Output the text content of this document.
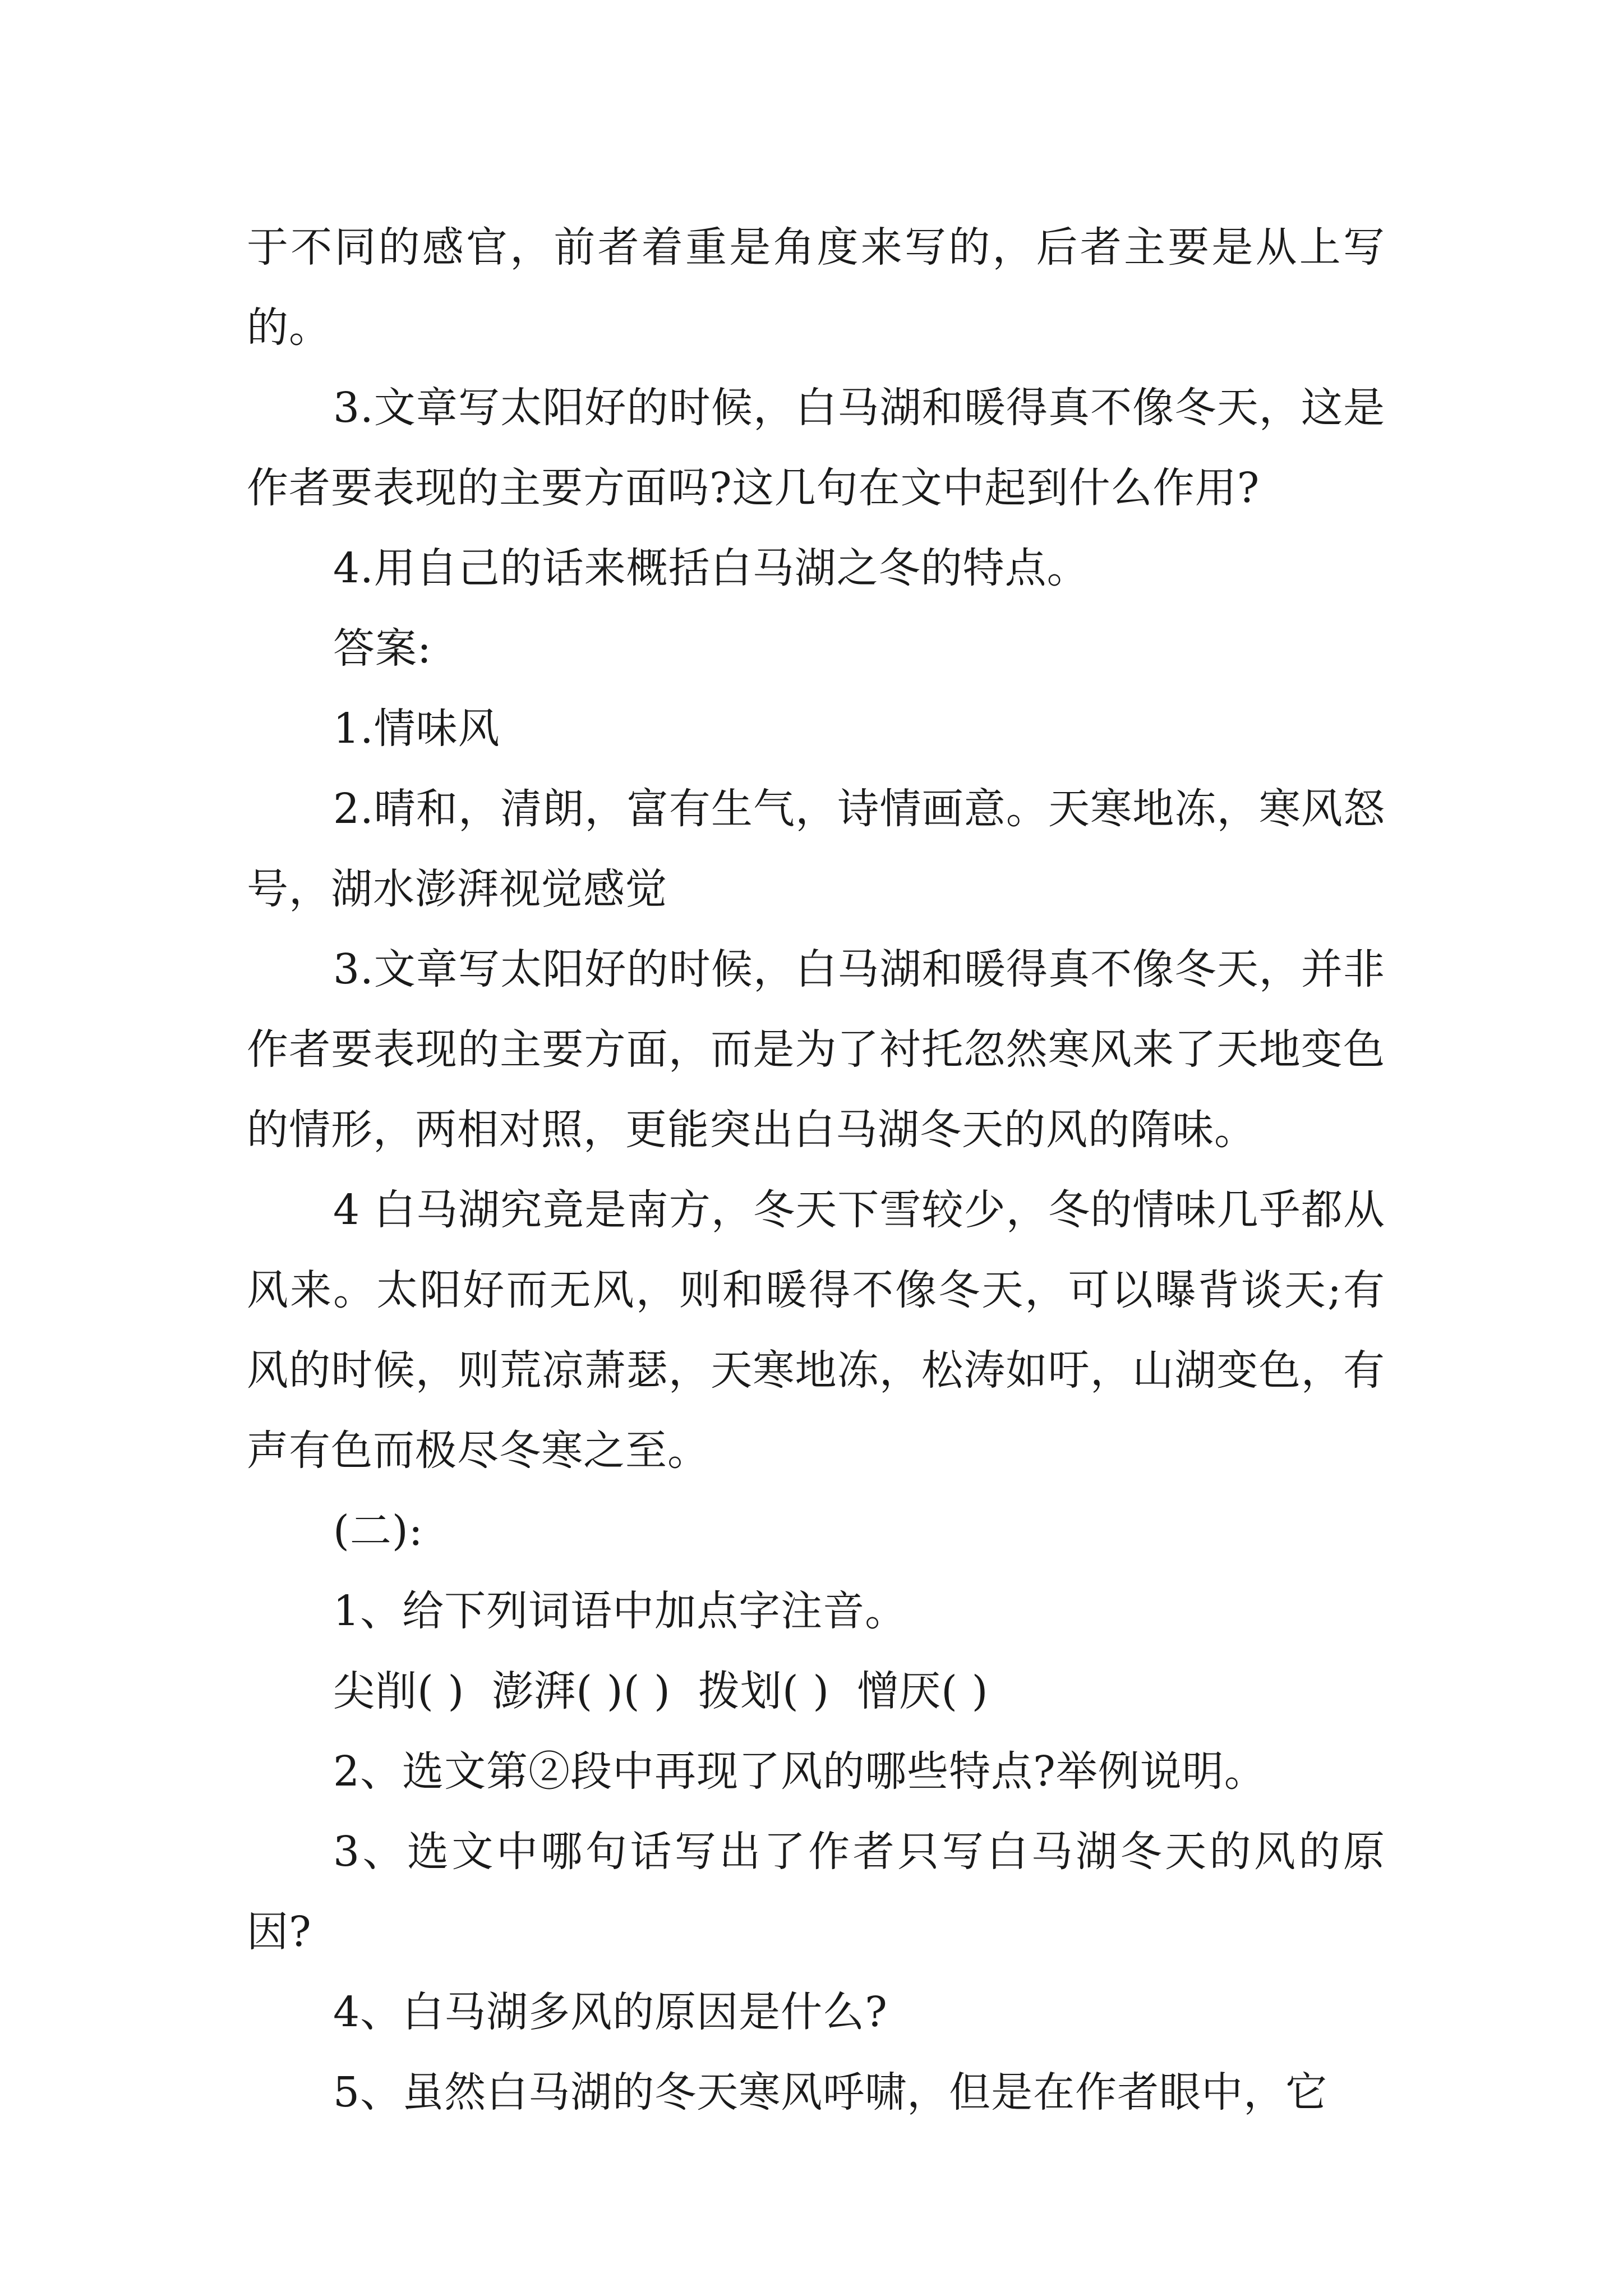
于不同的感官，前者着重是角度来写的，后者主要是从上写的。

3.文章写太阳好的时候，白马湖和暖得真不像冬天，这是作者要表现的主要方面吗?这几句在文中起到什么作用?

4.用自己的话来概括白马湖之冬的特点。

答案:

1.情味风

2.晴和，清朗，富有生气，诗情画意。天寒地冻，寒风怒号，湖水澎湃视觉感觉

3.文章写太阳好的时候，白马湖和暖得真不像冬天，并非作者要表现的主要方面，而是为了衬托忽然寒风来了天地变色的情形，两相对照，更能突出白马湖冬天的风的隋味。

4 白马湖究竟是南方，冬天下雪较少，冬的情味几乎都从风来。太阳好而无风，则和暖得不像冬天，可以曝背谈天;有风的时候，则荒凉萧瑟，天寒地冻，松涛如吁，山湖变色，有声有色而极尽冬寒之至。

(二):

1、给下列词语中加点字注音。

尖削( )  澎湃( )( )  拨划( )  憎厌( )

2、选文第②段中再现了风的哪些特点?举例说明。

3、选文中哪句话写出了作者只写白马湖冬天的风的原因?

4、白马湖多风的原因是什么?

5、虽然白马湖的冬天寒风呼啸，但是在作者眼中，它
